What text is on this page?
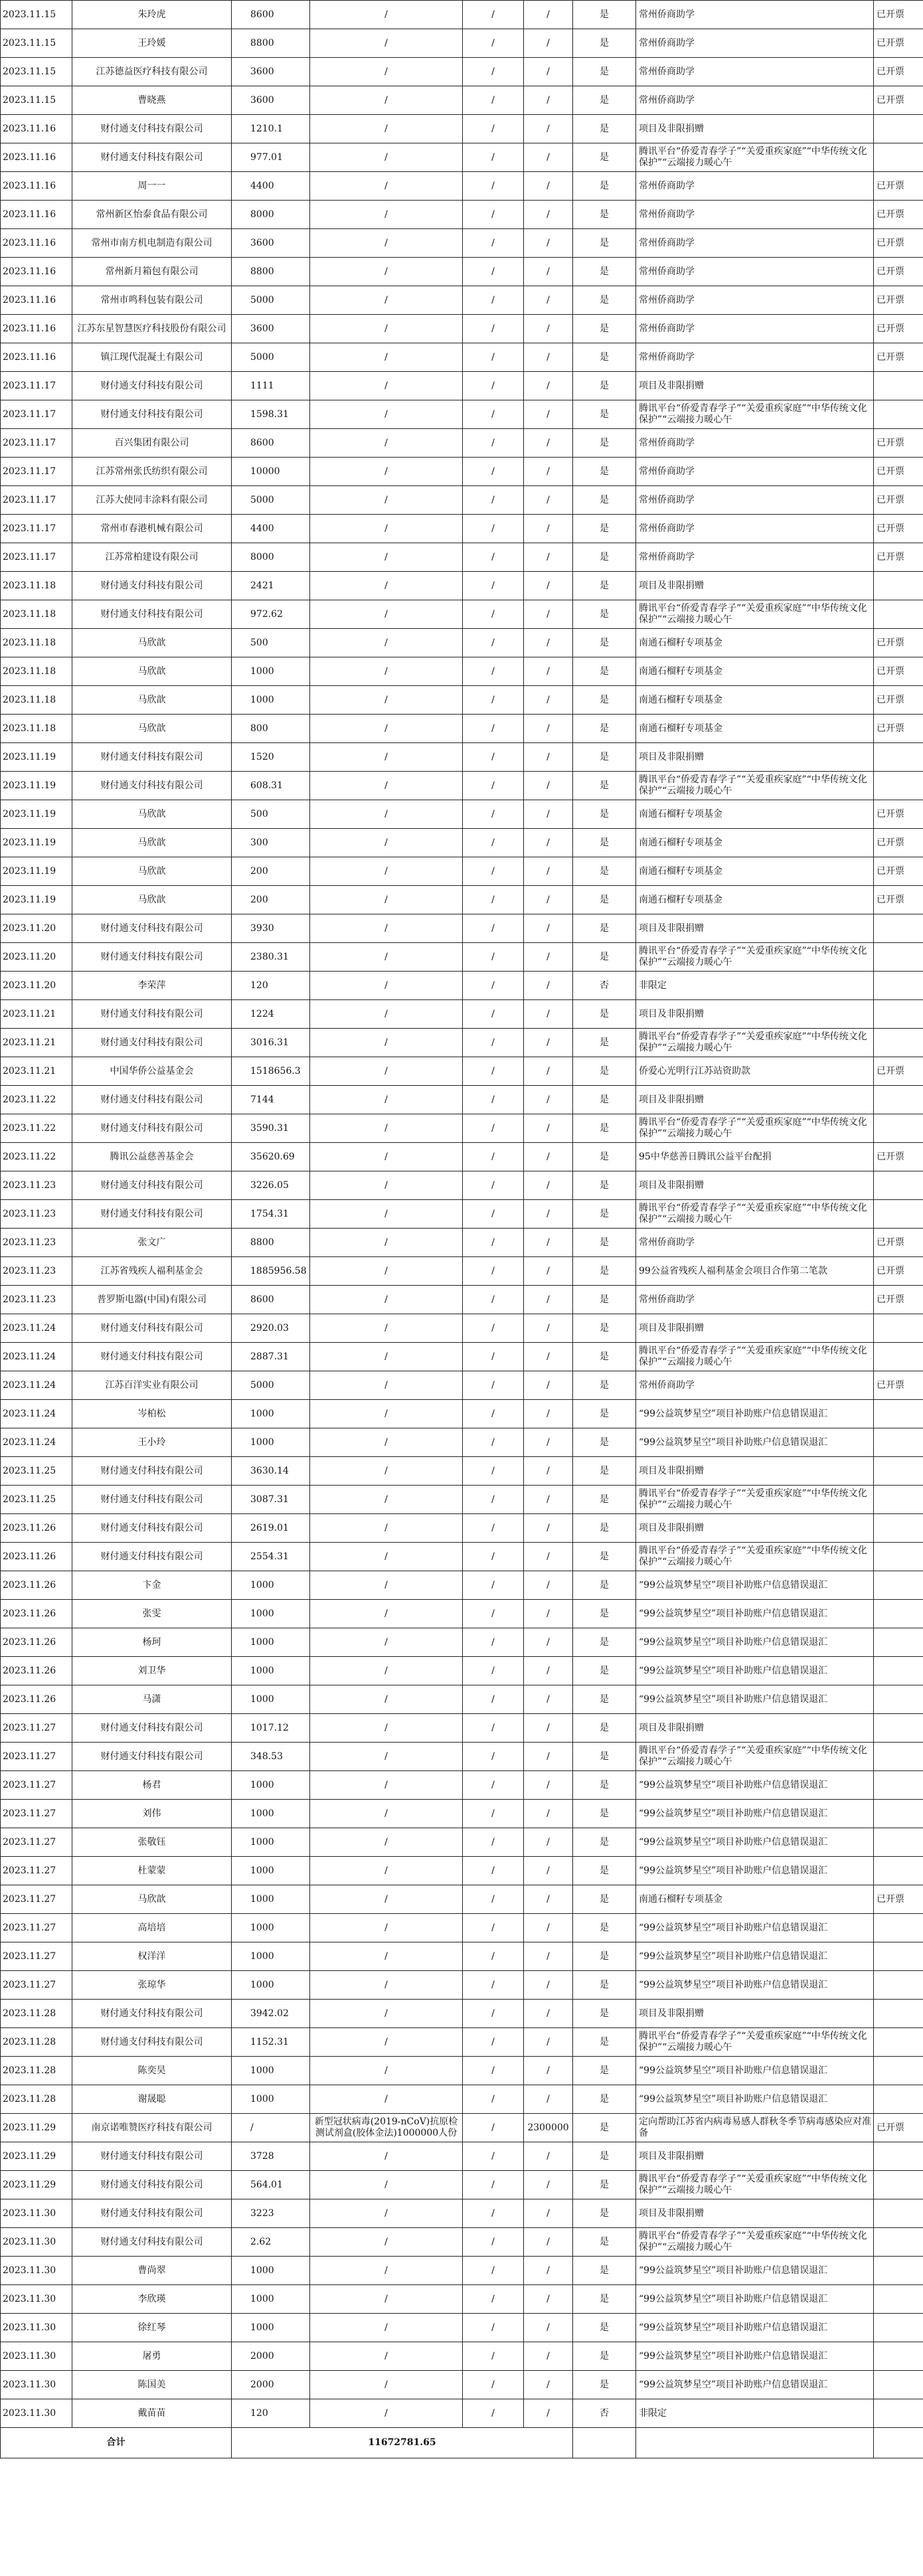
2023.11.15	朱玲虎	8600	/	/	/	是	常州侨商助学	已开票
2023.11.15	王玲媛	8800	/	/	/	是	常州侨商助学	已开票
2023.11.15	江苏德益医疗科技有限公司	3600	/	/	/	是	常州侨商助学	已开票
2023.11.15	曹晓燕	3600	/	/	/	是	常州侨商助学	已开票
2023.11.16	财付通支付科技有限公司	1210.1	/	/	/	是	项目及非限捐赠	

2023.11.16	财付通支付科技有限公司	977.01	/	/	/	是	腾讯平台“侨爱青春学子”“关爱重疾家庭”“中华传统文化保护”“云端接力暖心午	

2023.11.16	周一一	4400	/	/	/	是	常州侨商助学	已开票
2023.11.16	常州新区怡泰食品有限公司	8000	/	/	/	是	常州侨商助学	已开票
2023.11.16	常州市南方机电制造有限公司	3600	/	/	/	是	常州侨商助学	已开票
2023.11.16	常州新月箱包有限公司	8800	/	/	/	是	常州侨商助学	已开票
2023.11.16	常州市鸣科包装有限公司	5000	/	/	/	是	常州侨商助学	已开票
2023.11.16	江苏东星智慧医疗科技股份有限公司	3600	/	/	/	是	常州侨商助学	已开票
2023.11.16	镇江现代混凝土有限公司	5000	/	/	/	是	常州侨商助学	已开票
2023.11.17	财付通支付科技有限公司	1111	/	/	/	是	项目及非限捐赠	

2023.11.17	财付通支付科技有限公司	1598.31	/	/	/	是	腾讯平台“侨爱青春学子”“关爱重疾家庭”“中华传统文化保护”“云端接力暖心午	

2023.11.17	百兴集团有限公司	8600	/	/	/	是	常州侨商助学	已开票
2023.11.17	江苏常州张氏纺织有限公司	10000	/	/	/	是	常州侨商助学	已开票
2023.11.17	江苏大使同丰涂料有限公司	5000	/	/	/	是	常州侨商助学	已开票
2023.11.17	常州市春港机械有限公司	4400	/	/	/	是	常州侨商助学	已开票
2023.11.17	江苏常柏建设有限公司	8000	/	/	/	是	常州侨商助学	已开票
2023.11.18	财付通支付科技有限公司	2421	/	/	/	是	项目及非限捐赠	

2023.11.18	财付通支付科技有限公司	972.62	/	/	/	是	腾讯平台“侨爱青春学子”“关爱重疾家庭”“中华传统文化保护”“云端接力暖心午	

2023.11.18	马欣歆	500	/	/	/	是	南通石榴籽专项基金	已开票
2023.11.18	马欣歆	1000	/	/	/	是	南通石榴籽专项基金	已开票
2023.11.18	马欣歆	1000	/	/	/	是	南通石榴籽专项基金	已开票
2023.11.18	马欣歆	800	/	/	/	是	南通石榴籽专项基金	已开票
2023.11.19	财付通支付科技有限公司	1520	/	/	/	是	项目及非限捐赠	

2023.11.19	财付通支付科技有限公司	608.31	/	/	/	是	腾讯平台“侨爱青春学子”“关爱重疾家庭”“中华传统文化保护”“云端接力暖心午	

2023.11.19	马欣歆	500	/	/	/	是	南通石榴籽专项基金	已开票
2023.11.19	马欣歆	300	/	/	/	是	南通石榴籽专项基金	已开票
2023.11.19	马欣歆	200	/	/	/	是	南通石榴籽专项基金	已开票
2023.11.19	马欣歆	200	/	/	/	是	南通石榴籽专项基金	已开票
2023.11.20	财付通支付科技有限公司	3930	/	/	/	是	项目及非限捐赠	

2023.11.20	财付通支付科技有限公司	2380.31	/	/	/	是	腾讯平台“侨爱青春学子”“关爱重疾家庭”“中华传统文化保护”“云端接力暖心午	

2023.11.20	李荣萍	120	/	/	/	否	非限定	

2023.11.21	财付通支付科技有限公司	1224	/	/	/	是	项目及非限捐赠	

2023.11.21	财付通支付科技有限公司	3016.31	/	/	/	是	腾讯平台“侨爱青春学子”“关爱重疾家庭”“中华传统文化保护”“云端接力暖心午	

2023.11.21	中国华侨公益基金会	1518656.3	/	/	/	是	侨爱心光明行江苏站资助款	已开票
2023.11.22	财付通支付科技有限公司	7144	/	/	/	是	项目及非限捐赠	

2023.11.22	财付通支付科技有限公司	3590.31	/	/	/	是	腾讯平台“侨爱青春学子”“关爱重疾家庭”“中华传统文化保护”“云端接力暖心午	

2023.11.22	腾讯公益慈善基金会	35620.69	/	/	/	是	95中华慈善日腾讯公益平台配捐	已开票
2023.11.23	财付通支付科技有限公司	3226.05	/	/	/	是	项目及非限捐赠	

2023.11.23	财付通支付科技有限公司	1754.31	/	/	/	是	腾讯平台“侨爱青春学子”“关爱重疾家庭”“中华传统文化保护”“云端接力暖心午	

2023.11.23	张文广	8800	/	/	/	是	常州侨商助学	已开票
2023.11.23	江苏省残疾人福利基金会	1885956.58	/	/	/	是	99公益省残疾人福利基金会项目合作第二笔款	已开票
2023.11.23	普罗斯电器(中国)有限公司	8600	/	/	/	是	常州侨商助学	已开票
2023.11.24	财付通支付科技有限公司	2920.03	/	/	/	是	项目及非限捐赠	

2023.11.24	财付通支付科技有限公司	2887.31	/	/	/	是	腾讯平台“侨爱青春学子”“关爱重疾家庭”“中华传统文化保护”“云端接力暖心午	

2023.11.24	江苏百洋实业有限公司	5000	/	/	/	是	常州侨商助学	已开票
2023.11.24	岑柏松	1000	/	/	/	是	“99公益筑梦星空”项目补助账户信息错误退汇	

2023.11.24	王小玲	1000	/	/	/	是	“99公益筑梦星空”项目补助账户信息错误退汇	

2023.11.25	财付通支付科技有限公司	3630.14	/	/	/	是	项目及非限捐赠	

2023.11.25	财付通支付科技有限公司	3087.31	/	/	/	是	腾讯平台“侨爱青春学子”“关爱重疾家庭”“中华传统文化保护”“云端接力暖心午	

2023.11.26	财付通支付科技有限公司	2619.01	/	/	/	是	项目及非限捐赠	

2023.11.26	财付通支付科技有限公司	2554.31	/	/	/	是	腾讯平台“侨爱青春学子”“关爱重疾家庭”“中华传统文化保护”“云端接力暖心午	

2023.11.26	卞金	1000	/	/	/	是	“99公益筑梦星空”项目补助账户信息错误退汇	

2023.11.26	张雯	1000	/	/	/	是	“99公益筑梦星空”项目补助账户信息错误退汇	

2023.11.26	杨珂	1000	/	/	/	是	“99公益筑梦星空”项目补助账户信息错误退汇	

2023.11.26	刘卫华	1000	/	/	/	是	“99公益筑梦星空”项目补助账户信息错误退汇	

2023.11.26	马潇	1000	/	/	/	是	“99公益筑梦星空”项目补助账户信息错误退汇	

2023.11.27	财付通支付科技有限公司	1017.12	/	/	/	是	项目及非限捐赠	

2023.11.27	财付通支付科技有限公司	348.53	/	/	/	是	腾讯平台“侨爱青春学子”“关爱重疾家庭”“中华传统文化保护”“云端接力暖心午	

2023.11.27	杨君	1000	/	/	/	是	“99公益筑梦星空”项目补助账户信息错误退汇	

2023.11.27	刘伟	1000	/	/	/	是	“99公益筑梦星空”项目补助账户信息错误退汇	

2023.11.27	张敬钰	1000	/	/	/	是	“99公益筑梦星空”项目补助账户信息错误退汇	

2023.11.27	杜蒙蒙	1000	/	/	/	是	“99公益筑梦星空”项目补助账户信息错误退汇	

2023.11.27	马欣歆	1000	/	/	/	是	南通石榴籽专项基金	已开票
2023.11.27	高培培	1000	/	/	/	是	“99公益筑梦星空”项目补助账户信息错误退汇	

2023.11.27	权洋洋	1000	/	/	/	是	“99公益筑梦星空”项目补助账户信息错误退汇	

2023.11.27	张琼华	1000	/	/	/	是	“99公益筑梦星空”项目补助账户信息错误退汇	

2023.11.28	财付通支付科技有限公司	3942.02	/	/	/	是	项目及非限捐赠	

2023.11.28	财付通支付科技有限公司	1152.31	/	/	/	是	腾讯平台“侨爱青春学子”“关爱重疾家庭”“中华传统文化保护”“云端接力暖心午	

2023.11.28	陈奕昊	1000	/	/	/	是	“99公益筑梦星空”项目补助账户信息错误退汇	

2023.11.28	谢晟聪	1000	/	/	/	是	“99公益筑梦星空”项目补助账户信息错误退汇	

2023.11.29	南京诺唯赞医疗科技有限公司	/	新型冠状病毒(2019-nCoV)抗原检测试剂盒(胶体金法)1000000人份	/	2300000	是	定向帮助江苏省内病毒易感人群秋冬季节病毒感染应对准备	已开票
2023.11.29	财付通支付科技有限公司	3728	/	/	/	是	项目及非限捐赠	

2023.11.29	财付通支付科技有限公司	564.01	/	/	/	是	腾讯平台“侨爱青春学子”“关爱重疾家庭”“中华传统文化保护”“云端接力暖心午	

2023.11.30	财付通支付科技有限公司	3223	/	/	/	是	项目及非限捐赠	

2023.11.30	财付通支付科技有限公司	2.62	/	/	/	是	腾讯平台“侨爱青春学子”“关爱重疾家庭”“中华传统文化保护”“云端接力暖心午	

2023.11.30	曹尚翠	1000	/	/	/	是	“99公益筑梦星空”项目补助账户信息错误退汇	

2023.11.30	李欣瑛	1000	/	/	/	是	“99公益筑梦星空”项目补助账户信息错误退汇	

2023.11.30	徐红琴	1000	/	/	/	是	“99公益筑梦星空”项目补助账户信息错误退汇	

2023.11.30	屠勇	2000	/	/	/	是	“99公益筑梦星空”项目补助账户信息错误退汇	

2023.11.30	陈国美	2000	/	/	/	是	“99公益筑梦星空”项目补助账户信息错误退汇	

2023.11.30	戴苗苗	120	/	/	/	否	非限定	

合计		11672781.65						
